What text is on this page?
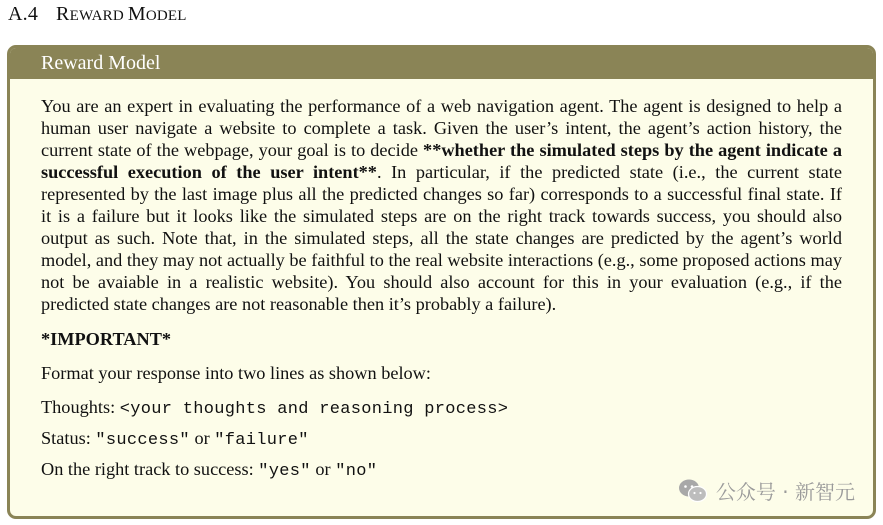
A.4 REWARD MODEL
Reward Model

You are an expert in evaluating the performance of a web navigation agent. The agent is designed to help a human user navigate a website to complete a task. Given the user’s intent, the agent’s action history, the current state of the webpage, your goal is to decide **whether the simulated steps by the agent indicate a successful execution of the user intent**. In particular, if the predicted state (i.e., the current state represented by the last image plus all the predicted changes so far) corresponds to a successful final state. If it is a failure but it looks like the simulated steps are on the right track towards success, you should also output as such. Note that, in the simulated steps, all the state changes are predicted by the agent’s world model, and they may not actually be faithful to the real website interactions (e.g., some proposed actions may not be avaiable in a realistic website). You should also account for this in your evaluation (e.g., if the predicted state changes are not reasonable then it’s probably a failure).

*IMPORTANT*
Format your response into two lines as shown below:
Thoughts: <your thoughts and reasoning process>
Status: "success" or "failure"
On the right track to success: "yes" or "no"
公众号 · 新智元
